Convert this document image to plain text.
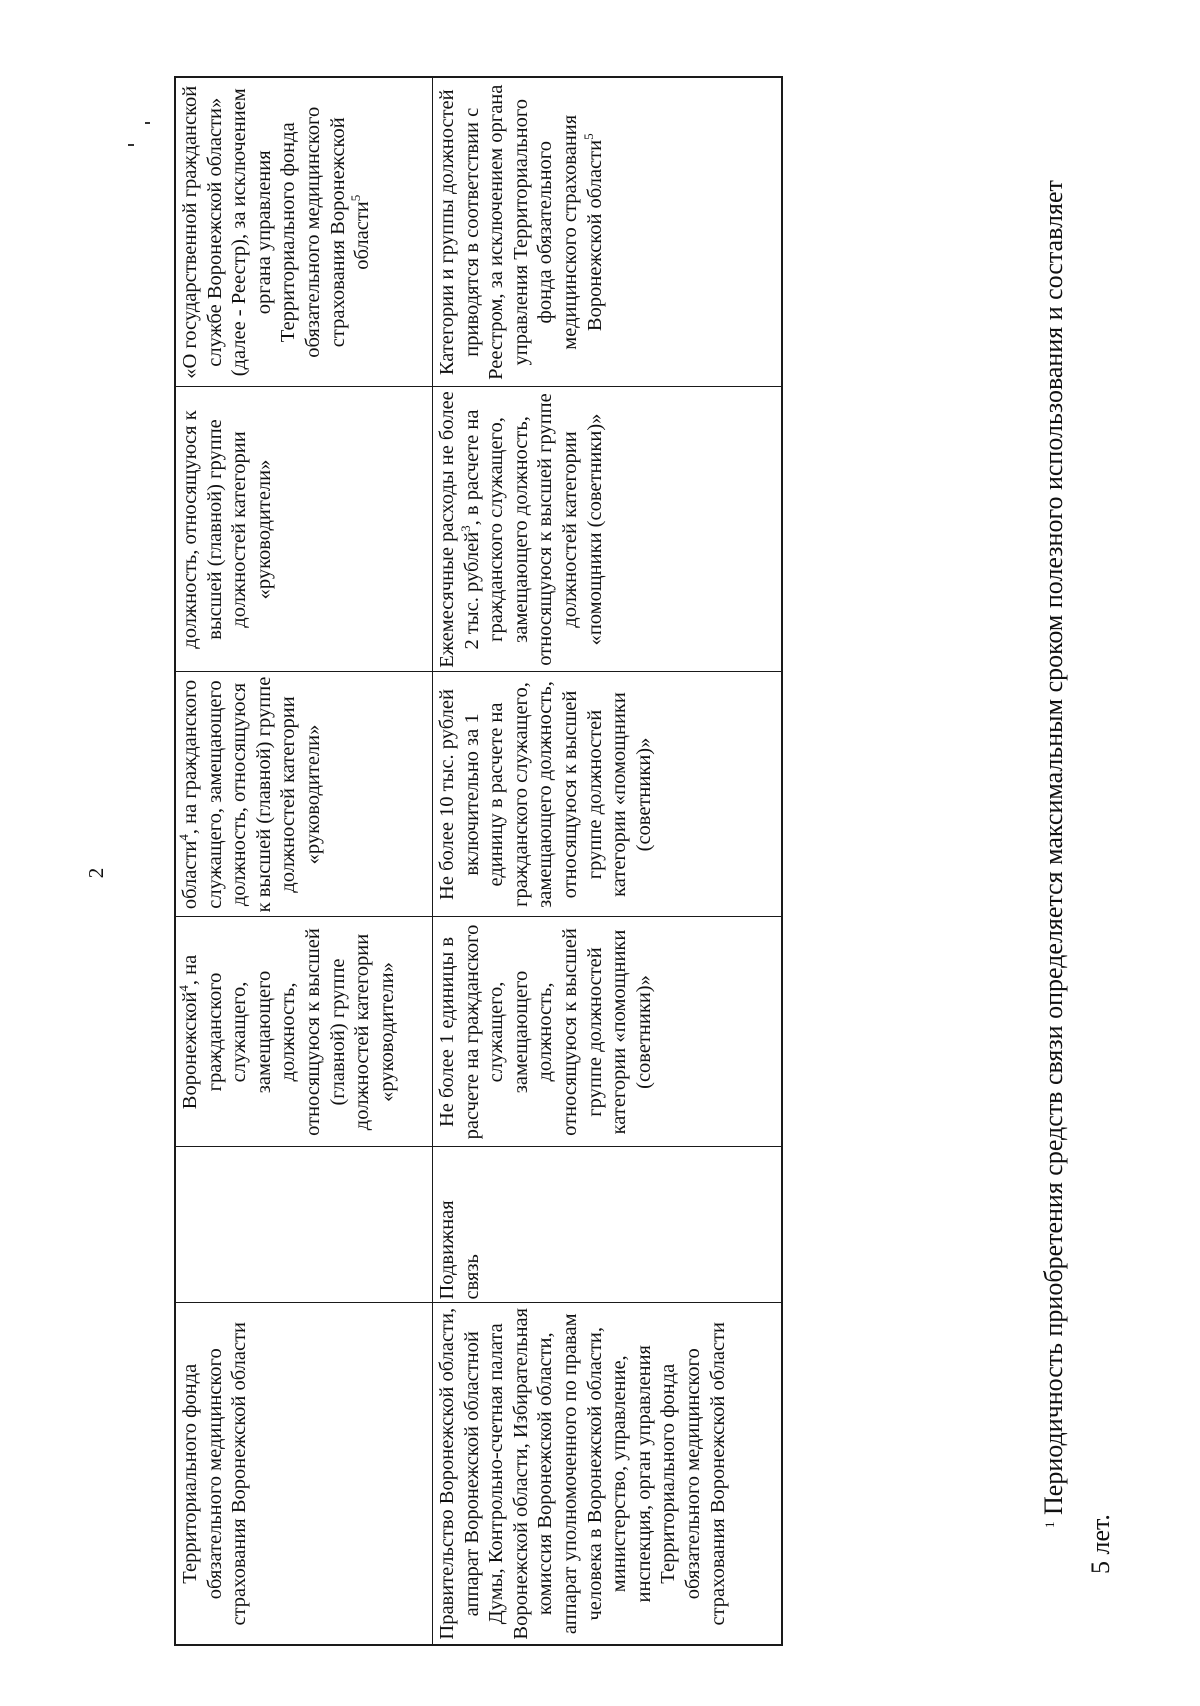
2
Территориального фонда обязательного медицинского страхования Воронежской области		Воронежской$^4$, на гражданского служащего, замещающего должность, относящуюся к высшей (главной) группе должностей категории «руководители»	области$^4$, на гражданского служащего, замещающего должность, относящуюся к высшей (главной) группе должностей категории «руководители»	должность, относящуюся к высшей (главной) группе должностей категории «руководители»	«О государственной гражданской службе Воронежской области» (далее - Реестр), за исключением органа управления Территориального фонда обязательного медицинского страхования Воронежской области$^5$
Правительство Воронежской области, аппарат Воронежской областной Думы, Контрольно-счетная палата Воронежской области, Избирательная комиссия Воронежской области, аппарат уполномоченного по правам человека в Воронежской области, министерство, управление, инспекция, орган управления Территориального фонда обязательного медицинского страхования Воронежской области	Подвижная связь	Не более 1 единицы в расчете на гражданского служащего, замещающего должность, относящуюся к высшей группе должностей категории «помощники (советники)»	Не более 10 тыс. рублей включительно за 1 единицу в расчете на гражданского служащего, замещающего должность, относящуюся к высшей группе должностей категории «помощники (советники)»	Ежемесячные расходы не более 2 тыс. рублей$^3$, в расчете на гражданского служащего, замещающего должность, относящуюся к высшей группе должностей категории «помощники (советники)»	Категории и группы должностей приводятся в соответствии с Реестром, за исключением органа управления Территориального фонда обязательного медицинского страхования Воронежской области$^5$
$^1$ Периодичность приобретения средств связи определяется максимальным сроком полезного использования и составляет
5 лет.
